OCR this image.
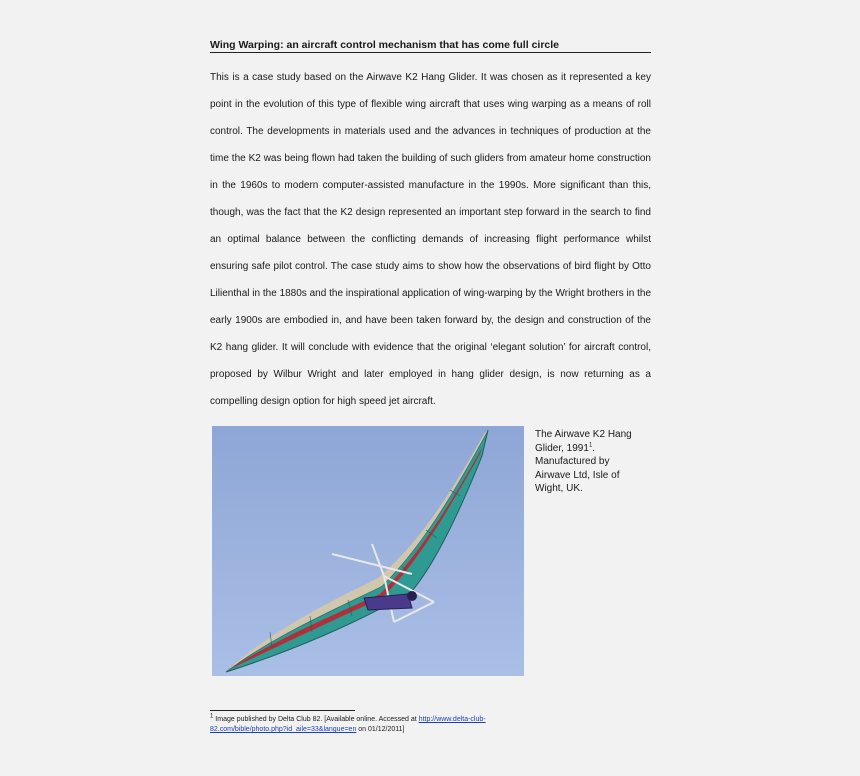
Wing Warping: an aircraft control mechanism that has come full circle

This is a case study based on the Airwave K2 Hang Glider. It was chosen as it represented a key point in the evolution of this type of flexible wing aircraft that uses wing warping as a means of roll control. The developments in materials used and the advances in techniques of production at the time the K2 was being flown had taken the building of such gliders from amateur home construction in the 1960s to modern computer-assisted manufacture in the 1990s. More significant than this, though, was the fact that the K2 design represented an important step forward in the search to find an optimal balance between the conflicting demands of increasing flight performance whilst ensuring safe pilot control. The case study aims to show how the observations of bird flight by Otto Lilienthal in the 1880s and the inspirational application of wing-warping by the Wright brothers in the early 1900s are embodied in, and have been taken forward by, the design and construction of the K2 hang glider. It will conclude with evidence that the original ‘elegant solution’ for aircraft control, proposed by Wilbur Wright and later employed in hang glider design, is now returning as a compelling design option for high speed jet aircraft.

The Airwave K2 Hang Glider, 1991$^1$. Manufactured by Airwave Ltd, Isle of Wight, UK.
$^1$ Image published by Delta Club 82. [Available online. Accessed at http://www.delta-club-82.com/bible/photo.php?id_aile=33&langue=en on 01/12/2011]
